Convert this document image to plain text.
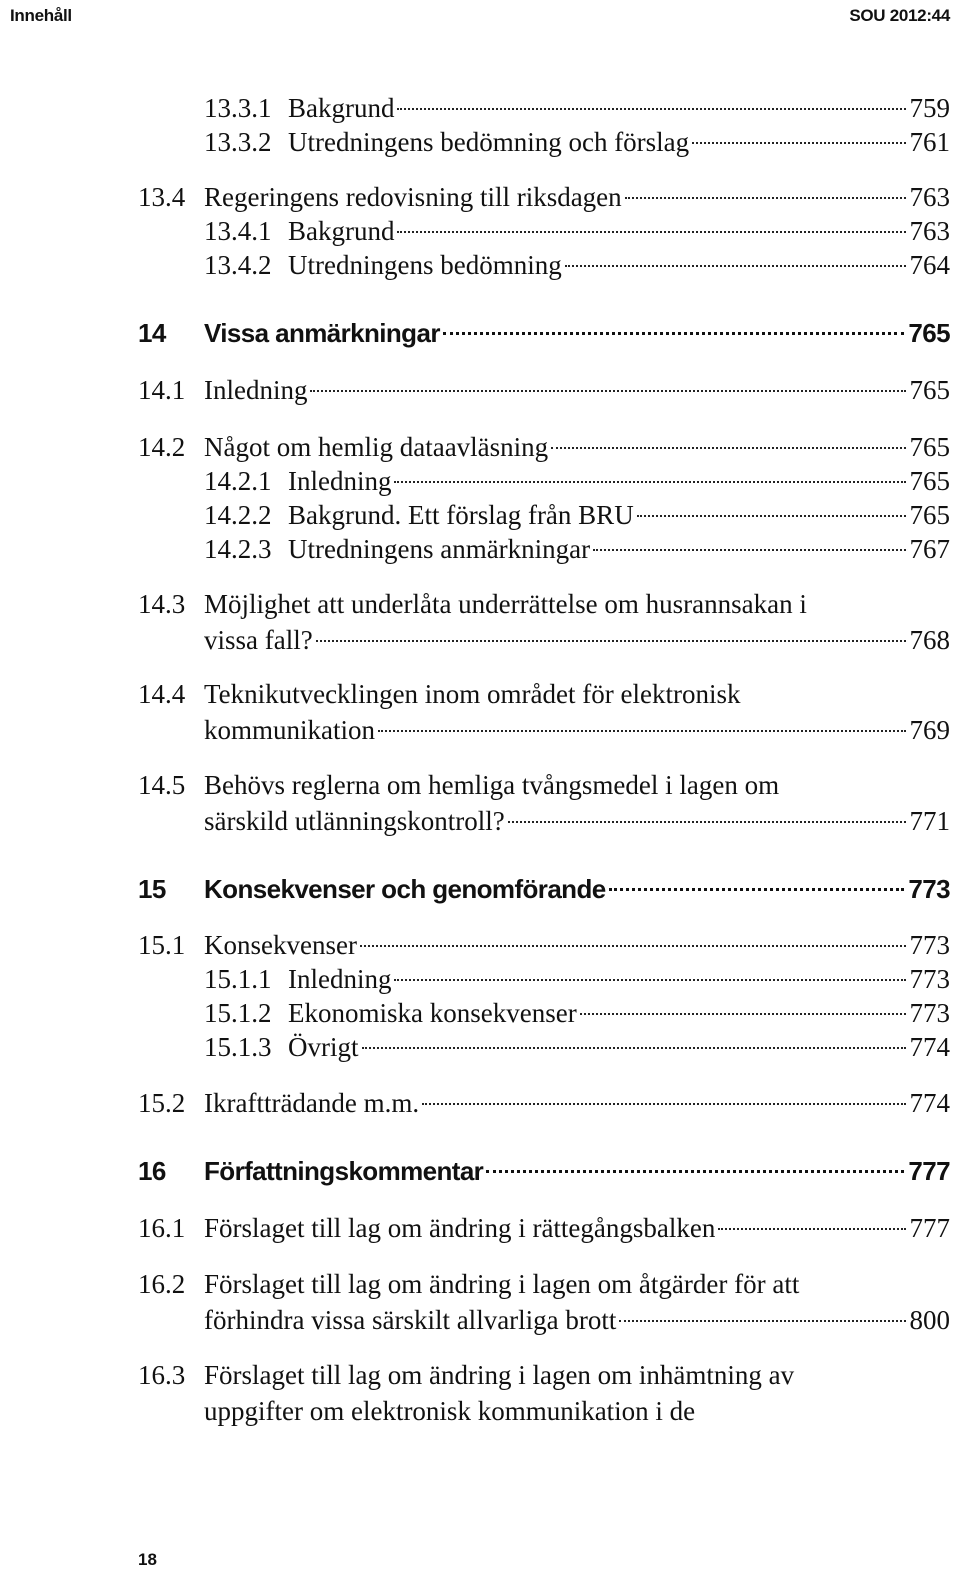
Innehåll	SOU 2012:44
13.3.1 Bakgrund	759
13.3.2 Utredningens bedömning och förslag	761
13.4 Regeringens redovisning till riksdagen	763
13.4.1 Bakgrund	763
13.4.2 Utredningens bedömning	764
14 Vissa anmärkningar	765
14.1 Inledning	765
14.2 Något om hemlig dataavläsning	765
14.2.1 Inledning	765
14.2.2 Bakgrund. Ett förslag från BRU	765
14.2.3 Utredningens anmärkningar	767
14.3 Möjlighet att underlåta underrättelse om husrannsakan i
vissa fall?	768
14.4 Teknikutvecklingen inom området för elektronisk
kommunikation	769
14.5 Behövs reglerna om hemliga tvångsmedel i lagen om
särskild utlänningskontroll?	771
15 Konsekvenser och genomförande	773
15.1 Konsekvenser	773
15.1.1 Inledning	773
15.1.2 Ekonomiska konsekvenser	773
15.1.3 Övrigt	774
15.2 Ikraftträdande m.m.	774
16 Författningskommentar	777
16.1 Förslaget till lag om ändring i rättegångsbalken	777
16.2 Förslaget till lag om ändring i lagen om åtgärder för att
förhindra vissa särskilt allvarliga brott	800
16.3 Förslaget till lag om ändring i lagen om inhämtning av
uppgifter om elektronisk kommunikation i de
18
